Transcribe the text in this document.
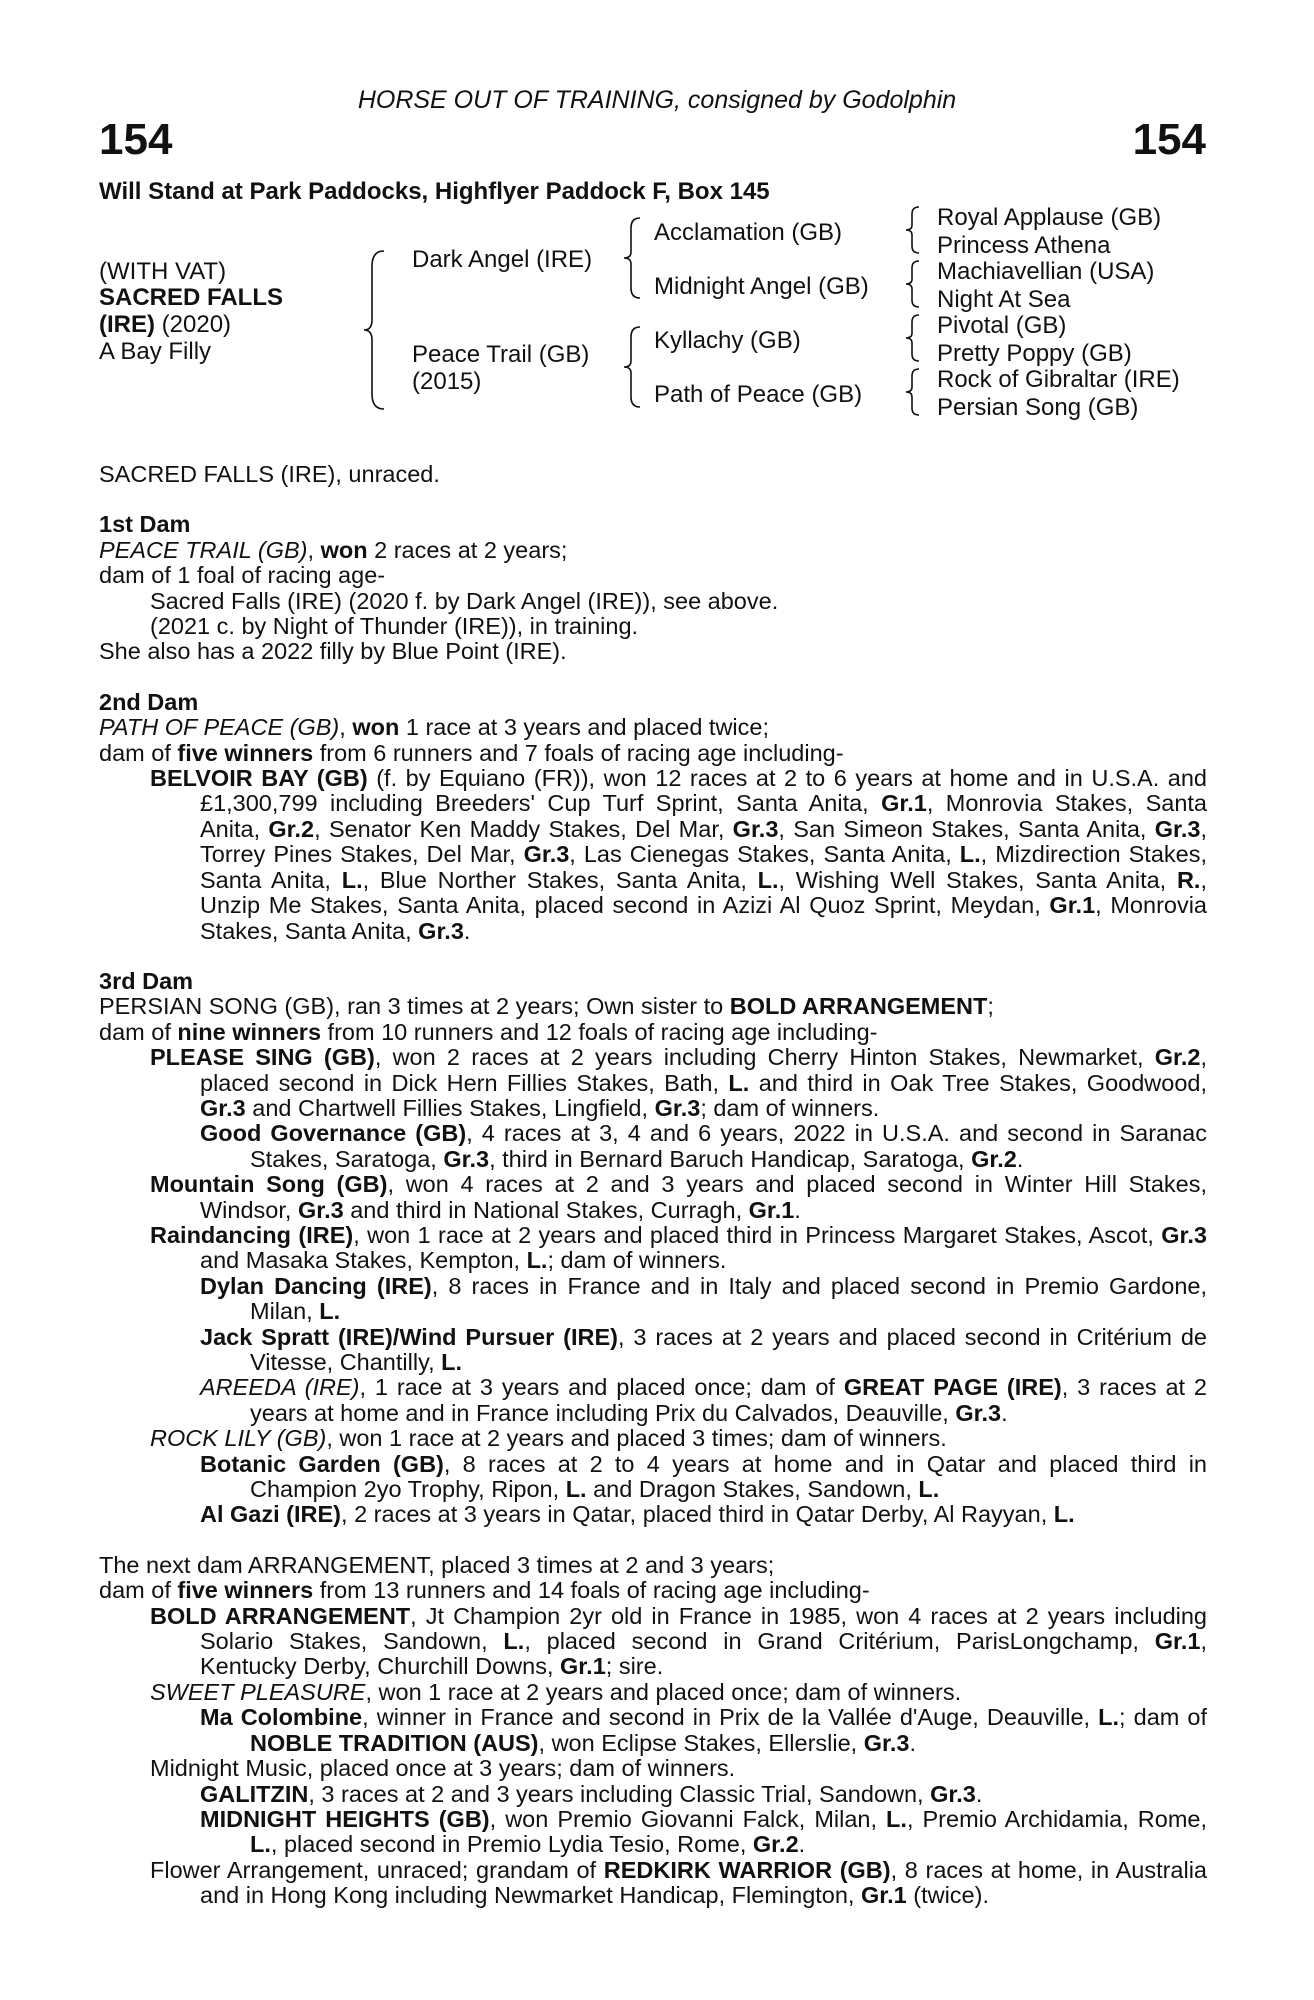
HORSE OUT OF TRAINING, consigned by Godolphin
154	154
Will Stand at Park Paddocks, Highflyer Paddock F, Box 145
(WITH VAT)
SACRED FALLS
(IRE) (2020)
A Bay Filly
Dark Angel (IRE)
Peace Trail (GB)
(2015)
Acclamation (GB)
Midnight Angel (GB)
Kyllachy (GB)
Path of Peace (GB)
Royal Applause (GB)
Princess Athena
Machiavellian (USA)
Night At Sea
Pivotal (GB)
Pretty Poppy (GB)
Rock of Gibraltar (IRE)
Persian Song (GB)

SACRED FALLS (IRE), unraced.

1st Dam

PEACE TRAIL (GB), won 2 races at 2 years;

dam of 1 foal of racing age-

Sacred Falls (IRE) (2020 f. by Dark Angel (IRE)), see above.

(2021 c. by Night of Thunder (IRE)), in training.

She also has a 2022 filly by Blue Point (IRE).

2nd Dam

PATH OF PEACE (GB), won 1 race at 3 years and placed twice;

dam of five winners from 6 runners and 7 foals of racing age including-

BELVOIR BAY (GB) (f. by Equiano (FR)), won 12 races at 2 to 6 years at home and in U.S.A. and £1,300,799 including Breeders' Cup Turf Sprint, Santa Anita, Gr.1, Monrovia Stakes, Santa Anita, Gr.2, Senator Ken Maddy Stakes, Del Mar, Gr.3, San Simeon Stakes, Santa Anita, Gr.3, Torrey Pines Stakes, Del Mar, Gr.3, Las Cienegas Stakes, Santa Anita, L., Mizdirection Stakes, Santa Anita, L., Blue Norther Stakes, Santa Anita, L., Wishing Well Stakes, Santa Anita, R., Unzip Me Stakes, Santa Anita, placed second in Azizi Al Quoz Sprint, Meydan, Gr.1, Monrovia Stakes, Santa Anita, Gr.3.

3rd Dam

PERSIAN SONG (GB), ran 3 times at 2 years; Own sister to BOLD ARRANGEMENT;

dam of nine winners from 10 runners and 12 foals of racing age including-

PLEASE SING (GB), won 2 races at 2 years including Cherry Hinton Stakes, Newmarket, Gr.2, placed second in Dick Hern Fillies Stakes, Bath, L. and third in Oak Tree Stakes, Goodwood, Gr.3 and Chartwell Fillies Stakes, Lingfield, Gr.3; dam of winners.

Good Governance (GB), 4 races at 3, 4 and 6 years, 2022 in U.S.A. and second in Saranac Stakes, Saratoga, Gr.3, third in Bernard Baruch Handicap, Saratoga, Gr.2.

Mountain Song (GB), won 4 races at 2 and 3 years and placed second in Winter Hill Stakes, Windsor, Gr.3 and third in National Stakes, Curragh, Gr.1.

Raindancing (IRE), won 1 race at 2 years and placed third in Princess Margaret Stakes, Ascot, Gr.3 and Masaka Stakes, Kempton, L.; dam of winners.

Dylan Dancing (IRE), 8 races in France and in Italy and placed second in Premio Gardone, Milan, L.

Jack Spratt (IRE)/Wind Pursuer (IRE), 3 races at 2 years and placed second in Critérium de Vitesse, Chantilly, L.

AREEDA (IRE), 1 race at 3 years and placed once; dam of GREAT PAGE (IRE), 3 races at 2 years at home and in France including Prix du Calvados, Deauville, Gr.3.

ROCK LILY (GB), won 1 race at 2 years and placed 3 times; dam of winners.

Botanic Garden (GB), 8 races at 2 to 4 years at home and in Qatar and placed third in Champion 2yo Trophy, Ripon, L. and Dragon Stakes, Sandown, L.

Al Gazi (IRE), 2 races at 3 years in Qatar, placed third in Qatar Derby, Al Rayyan, L.

The next dam ARRANGEMENT, placed 3 times at 2 and 3 years;

dam of five winners from 13 runners and 14 foals of racing age including-

BOLD ARRANGEMENT, Jt Champion 2yr old in France in 1985, won 4 races at 2 years including Solario Stakes, Sandown, L., placed second in Grand Critérium, ParisLongchamp, Gr.1, Kentucky Derby, Churchill Downs, Gr.1; sire.

SWEET PLEASURE, won 1 race at 2 years and placed once; dam of winners.

Ma Colombine, winner in France and second in Prix de la Vallée d'Auge, Deauville, L.; dam of NOBLE TRADITION (AUS), won Eclipse Stakes, Ellerslie, Gr.3.

Midnight Music, placed once at 3 years; dam of winners.

GALITZIN, 3 races at 2 and 3 years including Classic Trial, Sandown, Gr.3.

MIDNIGHT HEIGHTS (GB), won Premio Giovanni Falck, Milan, L., Premio Archidamia, Rome, L., placed second in Premio Lydia Tesio, Rome, Gr.2.

Flower Arrangement, unraced; grandam of REDKIRK WARRIOR (GB), 8 races at home, in Australia and in Hong Kong including Newmarket Handicap, Flemington, Gr.1 (twice).
